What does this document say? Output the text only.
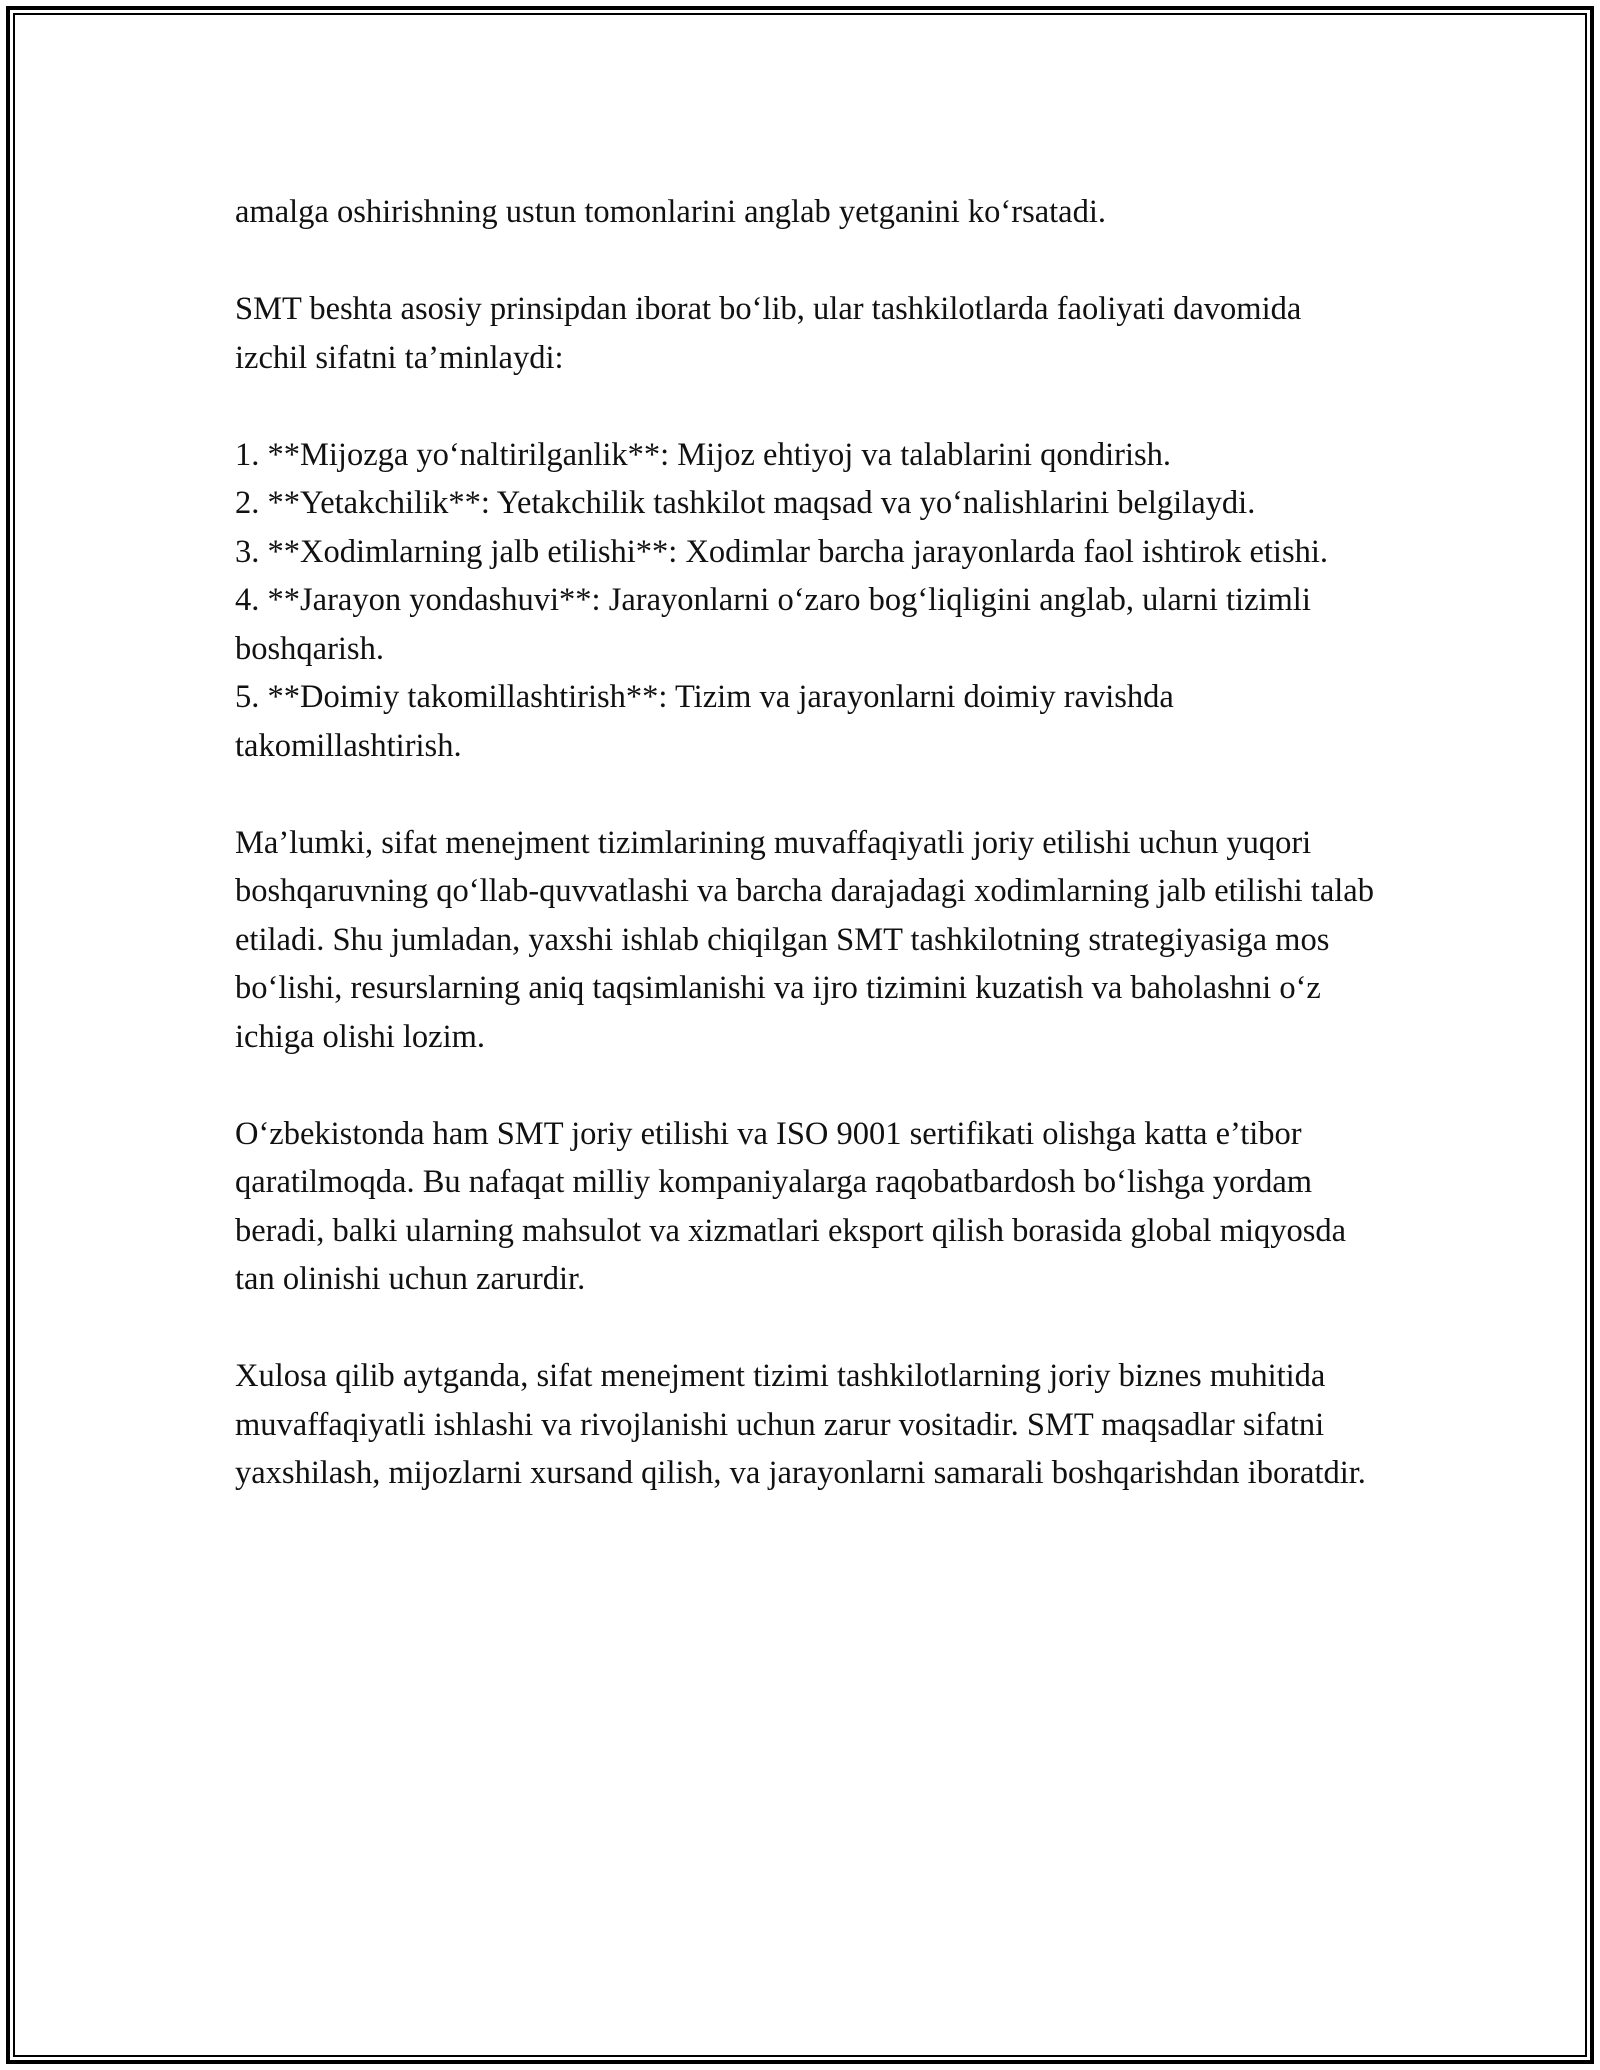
amalga oshirishning ustun tomonlarini anglab yetganini ko‘rsatadi.

SMT beshta asosiy prinsipdan iborat bo‘lib, ular tashkilotlarda faoliyati davomida izchil sifatni ta’minlaydi:

1. **Mijozga yo‘naltirilganlik**: Mijoz ehtiyoj va talablarini qondirish.
2. **Yetakchilik**: Yetakchilik tashkilot maqsad va yo‘nalishlarini belgilaydi.
3. **Xodimlarning jalb etilishi**: Xodimlar barcha jarayonlarda faol ishtirok etishi.
4. **Jarayon yondashuvi**: Jarayonlarni o‘zaro bog‘liqligini anglab, ularni tizimli boshqarish.
5. **Doimiy takomillashtirish**: Tizim va jarayonlarni doimiy ravishda takomillashtirish.

Ma’lumki, sifat menejment tizimlarining muvaffaqiyatli joriy etilishi uchun yuqori boshqaruvning qo‘llab-quvvatlashi va barcha darajadagi xodimlarning jalb etilishi talab etiladi. Shu jumladan, yaxshi ishlab chiqilgan SMT tashkilotning strategiyasiga mos bo‘lishi, resurslarning aniq taqsimlanishi va ijro tizimini kuzatish va baholashni o‘z ichiga olishi lozim.

O‘zbekistonda ham SMT joriy etilishi va ISO 9001 sertifikati olishga katta e’tibor qaratilmoqda. Bu nafaqat milliy kompaniyalarga raqobatbardosh bo‘lishga yordam beradi, balki ularning mahsulot va xizmatlari eksport qilish borasida global miqyosda tan olinishi uchun zarurdir.

Xulosa qilib aytganda, sifat menejment tizimi tashkilotlarning joriy biznes muhitida muvaffaqiyatli ishlashi va rivojlanishi uchun zarur vositadir. SMT maqsadlar sifatni yaxshilash, mijozlarni xursand qilish, va jarayonlarni samarali boshqarishdan iboratdir.
